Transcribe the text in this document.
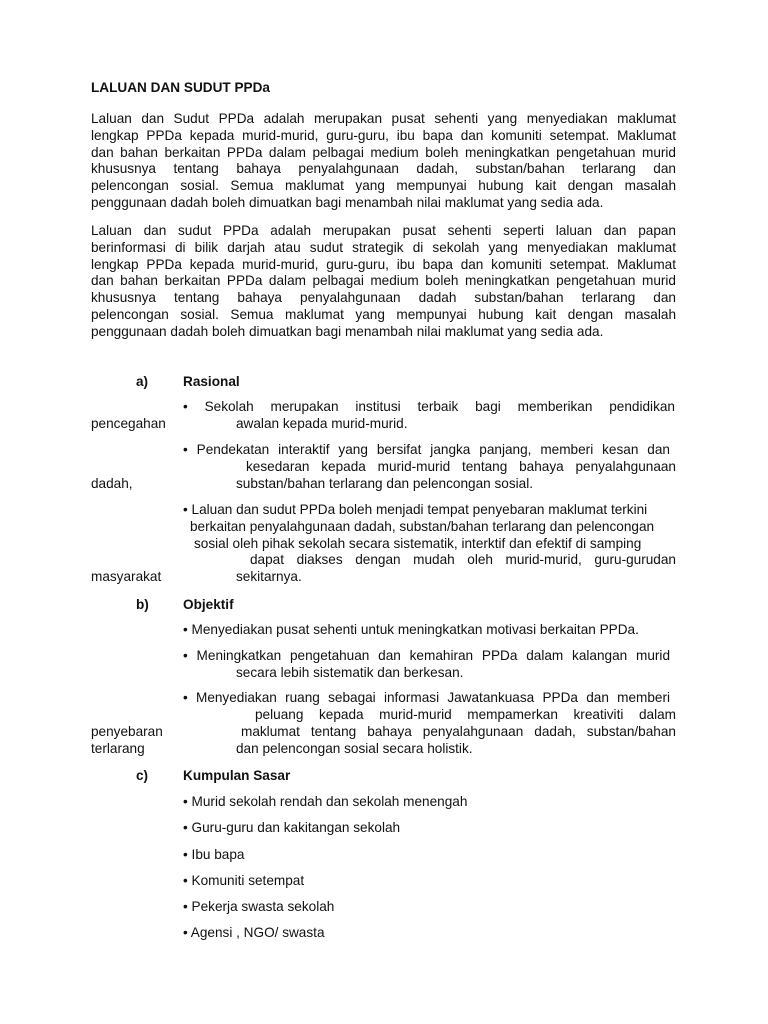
LALUAN DAN SUDUT PPDa
Laluan dan Sudut PPDa adalah merupakan pusat sehenti yang menyediakan maklumat
lengkap PPDa kepada murid-murid, guru-guru, ibu bapa dan komuniti setempat. Maklumat
dan bahan berkaitan PPDa dalam pelbagai medium boleh meningkatkan pengetahuan murid
khususnya tentang bahaya penyalahgunaan dadah, substan/bahan terlarang dan
pelencongan sosial. Semua maklumat yang mempunyai hubung kait dengan masalah
penggunaan dadah boleh dimuatkan bagi menambah nilai maklumat yang sedia ada.
Laluan dan sudut PPDa adalah merupakan pusat sehenti seperti laluan dan papan
berinformasi di bilik darjah atau sudut strategik di sekolah yang menyediakan maklumat
lengkap PPDa kepada murid-murid, guru-guru, ibu bapa dan komuniti setempat. Maklumat
dan bahan berkaitan PPDa dalam pelbagai medium boleh meningkatkan pengetahuan murid
khususnya tentang bahaya penyalahgunaan dadah substan/bahan terlarang dan
pelencongan sosial. Semua maklumat yang mempunyai hubung kait dengan masalah
penggunaan dadah boleh dimuatkan bagi menambah nilai maklumat yang sedia ada.
a)	Rasional
• Sekolah merupakan institusi terbaik bagi memberikan pendidikan
pencegahan	awalan kepada murid-murid.
• Pendekatan interaktif yang bersifat jangka panjang, memberi kesan dan
kesedaran kepada murid-murid tentang bahaya penyalahgunaan
dadah,	substan/bahan terlarang dan pelencongan sosial.
• Laluan dan sudut PPDa boleh menjadi tempat penyebaran maklumat terkini
berkaitan penyalahgunaan dadah, substan/bahan terlarang dan pelencongan
sosial oleh pihak sekolah secara sistematik, interktif dan efektif di samping
dapat diakses dengan mudah oleh murid-murid, guru-gurudan
masyarakat	sekitarnya.
b)	Objektif
• Menyediakan pusat sehenti untuk meningkatkan motivasi berkaitan PPDa.
• Meningkatkan pengetahuan dan kemahiran PPDa dalam kalangan murid
secara lebih sistematik dan berkesan.
• Menyediakan ruang sebagai informasi Jawatankuasa PPDa dan memberi
peluang kepada murid-murid mempamerkan kreativiti dalam
penyebaran	maklumat tentang bahaya penyalahgunaan dadah, substan/bahan
terlarang	dan pelencongan sosial secara holistik.
c)	Kumpulan Sasar
• Murid sekolah rendah dan sekolah menengah
• Guru-guru dan kakitangan sekolah
• Ibu bapa
• Komuniti setempat
• Pekerja swasta sekolah
• Agensi , NGO/ swasta
